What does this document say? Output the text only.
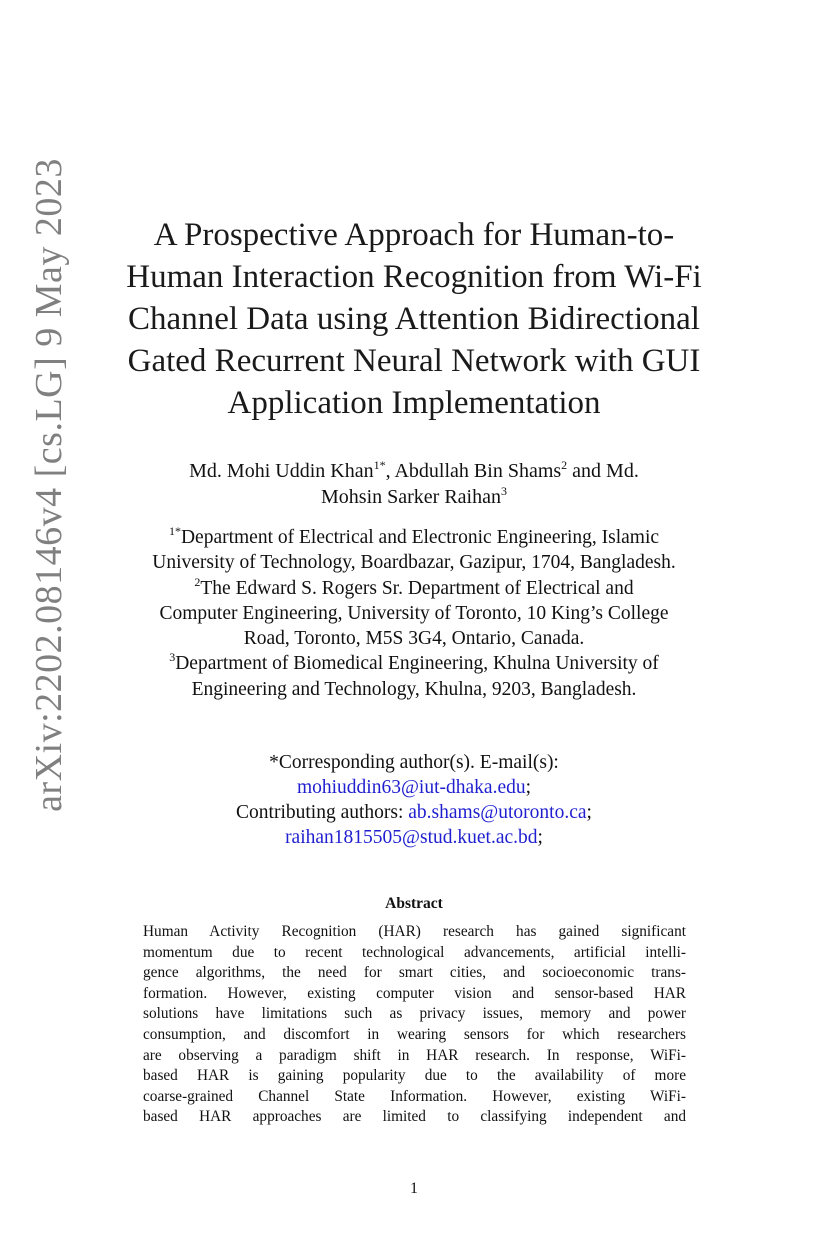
arXiv:2202.08146v4 [cs.LG] 9 May 2023	A Prospective Approach for Human-to-
Human Interaction Recognition from Wi-Fi
Channel Data using Attention Bidirectional
Gated Recurrent Neural Network with GUI
Application Implementation
Md. Mohi Uddin Khan$^{1*}$, Abdullah Bin Shams$^2$ and Md.
Mohsin Sarker Raihan$^3$
$^{1*}$Department of Electrical and Electronic Engineering, Islamic
University of Technology, Boardbazar, Gazipur, 1704, Bangladesh.
$^2$The Edward S. Rogers Sr. Department of Electrical and
Computer Engineering, University of Toronto, 10 King’s College
Road, Toronto, M5S 3G4, Ontario, Canada.
$^3$Department of Biomedical Engineering, Khulna University of
Engineering and Technology, Khulna, 9203, Bangladesh.
*Corresponding author(s). E-mail(s):
mohiuddin63@iut-dhaka.edu;
Contributing authors: ab.shams@utoronto.ca;
raihan1815505@stud.kuet.ac.bd;
Abstract
Human Activity Recognition (HAR) research has gained significant
momentum due to recent technological advancements, artificial intelli-
gence algorithms, the need for smart cities, and socioeconomic trans-
formation. However, existing computer vision and sensor-based HAR
solutions have limitations such as privacy issues, memory and power
consumption, and discomfort in wearing sensors for which researchers
are observing a paradigm shift in HAR research. In response, WiFi-
based HAR is gaining popularity due to the availability of more
coarse-grained Channel State Information. However, existing WiFi-
based HAR approaches are limited to classifying independent and
1
